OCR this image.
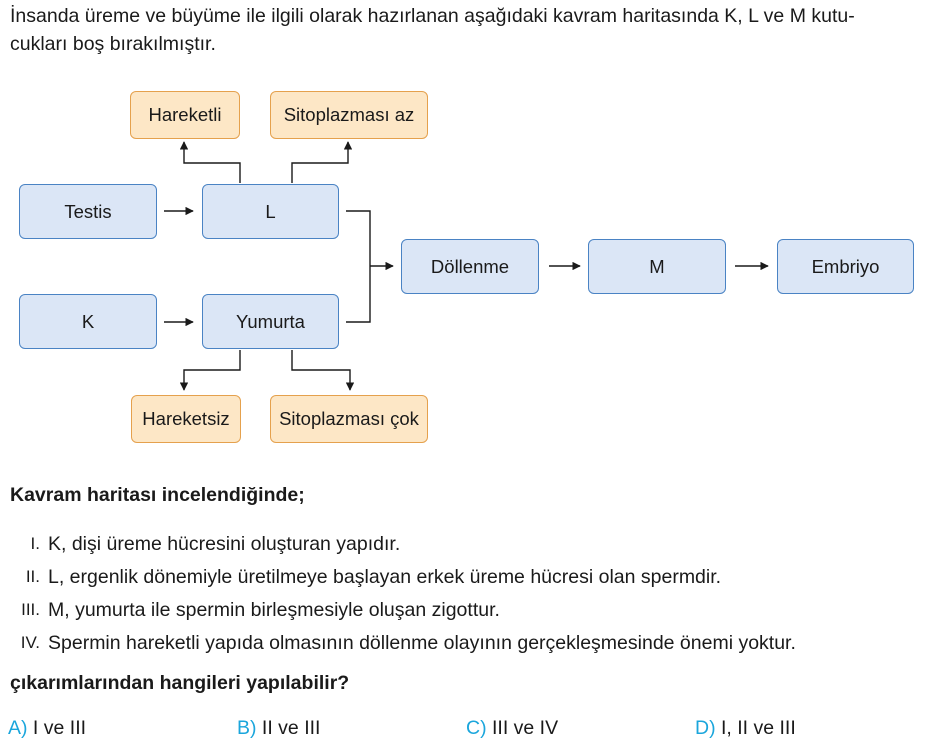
İnsanda üreme ve büyüme ile ilgili olarak hazırlanan aşağıdaki kavram haritasında K, L ve M kutu-
cukları boş bırakılmıştır.

Hareketli	Sitoplazması az
Testis	L
K	Yumurta
Döllenme	M	Embriyo
Hareketsiz	Sitoplazması çok

Kavram haritası incelendiğinde;

I. K, dişi üreme hücresini oluşturan yapıdır.
II. L, ergenlik dönemiyle üretilmeye başlayan erkek üreme hücresi olan spermdir.
III. M, yumurta ile spermin birleşmesiyle oluşan zigottur.
IV. Spermin hareketli yapıda olmasının döllenme olayının gerçekleşmesinde önemi yoktur.

çıkarımlarından hangileri yapılabilir?

A) I ve III	B) II ve III	C) III ve IV	D) I, II ve III
